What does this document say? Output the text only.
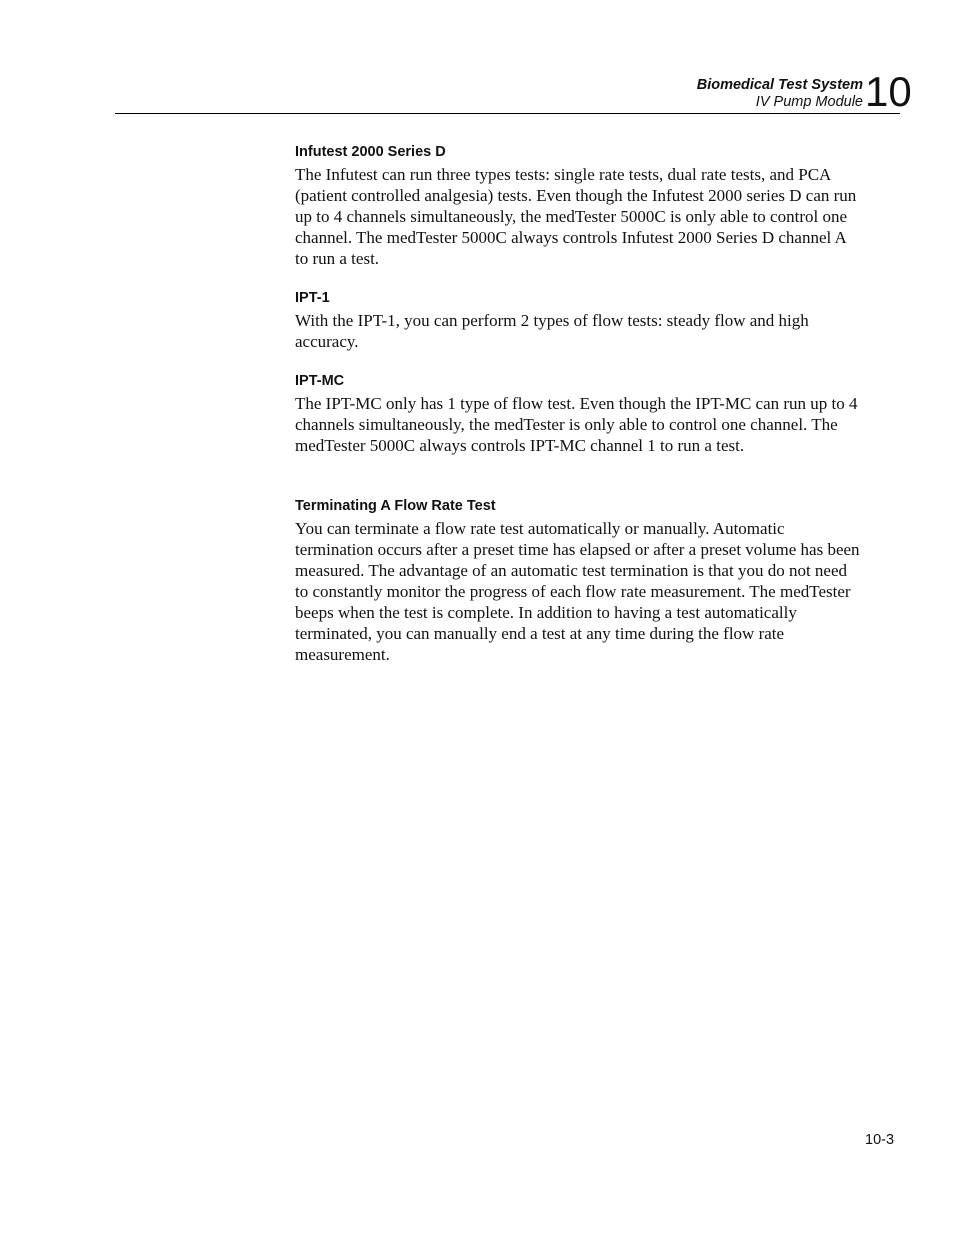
Biomedical Test System
IV Pump Module 10
Infutest 2000 Series D

The Infutest can run three types tests: single rate tests, dual rate tests, and PCA (patient controlled analgesia) tests. Even though the Infutest 2000 series D can run up to 4 channels simultaneously, the medTester 5000C is only able to control one channel. The medTester 5000C always controls Infutest 2000 Series D channel A to run a test.

IPT-1

With the IPT-1, you can perform 2 types of flow tests: steady flow and high accuracy.

IPT-MC

The IPT-MC only has 1 type of flow test. Even though the IPT-MC can run up to 4 channels simultaneously, the medTester is only able to control one channel. The medTester 5000C always controls IPT-MC channel 1 to run a test.

Terminating A Flow Rate Test

You can terminate a flow rate test automatically or manually. Automatic termination occurs after a preset time has elapsed or after a preset volume has been measured. The advantage of an automatic test termination is that you do not need to constantly monitor the progress of each flow rate measurement. The medTester beeps when the test is complete. In addition to having a test automatically terminated, you can manually end a test at any time during the flow rate measurement.

10-3
